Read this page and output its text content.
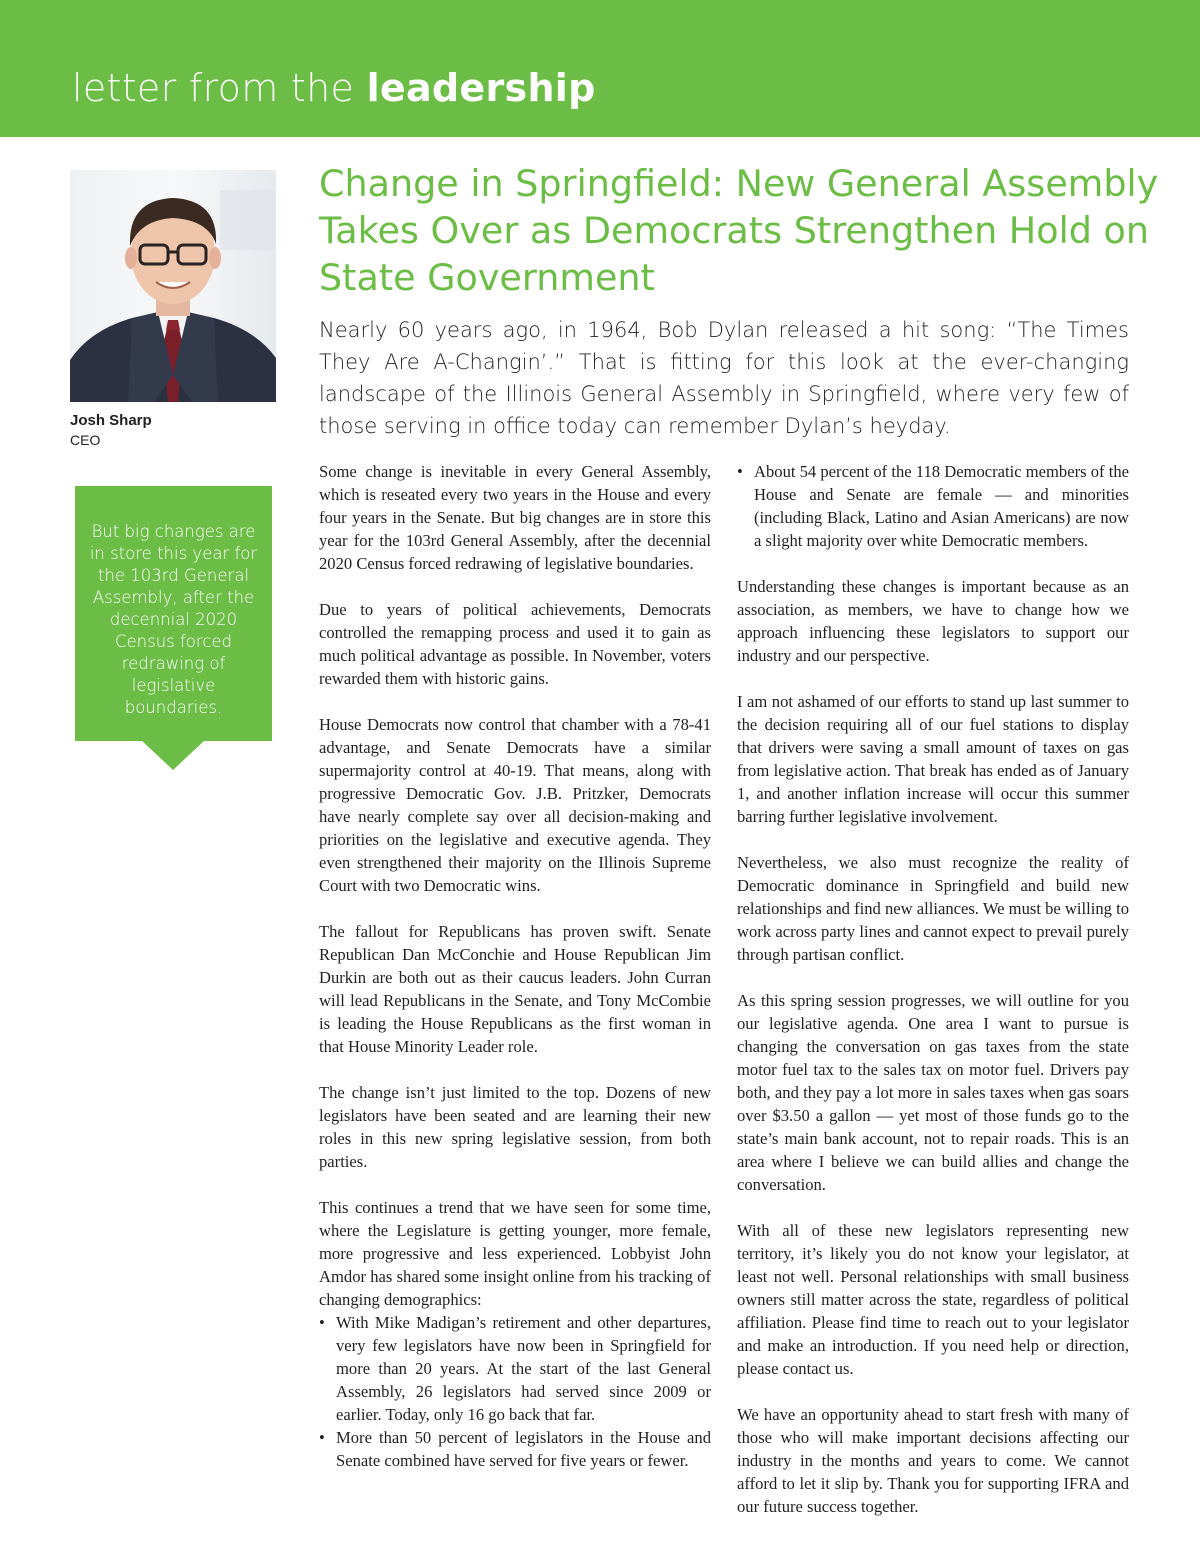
letter from the leadership
Josh Sharp
CEO
But big changes are in store this year for the 103rd General Assembly, after the decennial 2020 Census forced redrawing of legislative boundaries.
Change in Springfield: New General Assembly Takes Over as Democrats Strengthen Hold on State Government

Nearly 60 years ago, in 1964, Bob Dylan released a hit song: “The Times They Are A-Changin’.” That is fitting for this look at the ever-changing landscape of the Illinois General Assembly in Springfield, where very few of those serving in office today can remember Dylan’s heyday.

Some change is inevitable in every General Assembly, which is reseated every two years in the House and every four years in the Senate. But big changes are in store this year for the 103rd General Assembly, after the decennial 2020 Census forced redrawing of legislative boundaries.

Due to years of political achievements, Democrats controlled the remapping process and used it to gain as much political advantage as possible. In November, voters rewarded them with historic gains.

House Democrats now control that chamber with a 78-41 advantage, and Senate Democrats have a similar supermajority control at 40-19. That means, along with progressive Democratic Gov. J.B. Pritzker, Democrats have nearly complete say over all decision-making and priorities on the legislative and executive agenda. They even strengthened their majority on the Illinois Supreme Court with two Democratic wins.

The fallout for Republicans has proven swift. Senate Republican Dan McConchie and House Republican Jim Durkin are both out as their caucus leaders. John Curran will lead Republicans in the Senate, and Tony McCombie is leading the House Republicans as the first woman in that House Minority Leader role.

The change isn’t just limited to the top. Dozens of new legislators have been seated and are learning their new roles in this new spring legislative session, from both parties.

This continues a trend that we have seen for some time, where the Legislature is getting younger, more female, more progressive and less experienced. Lobbyist John Amdor has shared some insight online from his tracking of changing demographics:

• With Mike Madigan’s retirement and other departures, very few legislators have now been in Springfield for more than 20 years. At the start of the last General Assembly, 26 legislators had served since 2009 or earlier. Today, only 16 go back that far.
• More than 50 percent of legislators in the House and Senate combined have served for five years or fewer.
• About 54 percent of the 118 Democratic members of the House and Senate are female — and minorities (including Black, Latino and Asian Americans) are now a slight majority over white Democratic members.

Understanding these changes is important because as an association, as members, we have to change how we approach influencing these legislators to support our industry and our perspective.

I am not ashamed of our efforts to stand up last summer to the decision requiring all of our fuel stations to display that drivers were saving a small amount of taxes on gas from legislative action. That break has ended as of January 1, and another inflation increase will occur this summer barring further legislative involvement.

Nevertheless, we also must recognize the reality of Democratic dominance in Springfield and build new relationships and find new alliances. We must be willing to work across party lines and cannot expect to prevail purely through partisan conflict.

As this spring session progresses, we will outline for you our legislative agenda. One area I want to pursue is changing the conversation on gas taxes from the state motor fuel tax to the sales tax on motor fuel. Drivers pay both, and they pay a lot more in sales taxes when gas soars over $3.50 a gallon — yet most of those funds go to the state’s main bank account, not to repair roads. This is an area where I believe we can build allies and change the conversation.

With all of these new legislators representing new territory, it’s likely you do not know your legislator, at least not well. Personal relationships with small business owners still matter across the state, regardless of political affiliation. Please find time to reach out to your legislator and make an introduction. If you need help or direction, please contact us.

We have an opportunity ahead to start fresh with many of those who will make important decisions affecting our industry in the months and years to come. We cannot afford to let it slip by. Thank you for supporting IFRA and our future success together.
